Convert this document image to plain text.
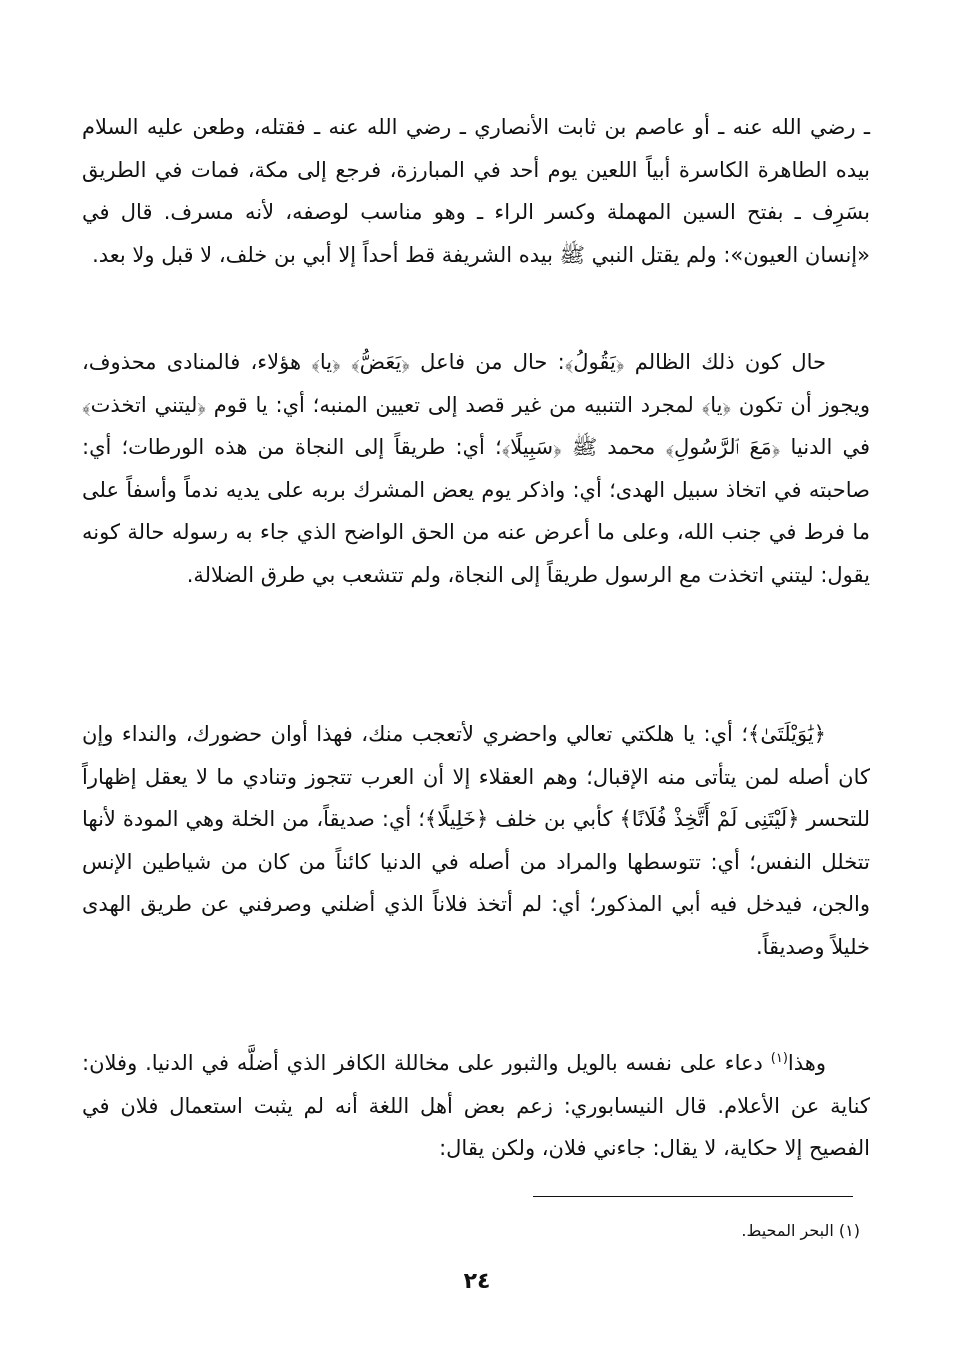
ـ رضي الله عنه ـ أو عاصم بن ثابت الأنصاري ـ رضي الله عنه ـ فقتله، وطعن عليه السلام بيده الطاهرة الكاسرة أبياً اللعين يوم أحد في المبارزة، فرجع إلى مكة، فمات في الطريق بسَرِف ـ بفتح السين المهملة وكسر الراء ـ وهو مناسب لوصفه، لأنه مسرف. قال في «إنسان العيون»: ولم يقتل النبي ﷺ بيده الشريفة قط أحداً إلا أبي بن خلف، لا قبل ولا بعد.

حال كون ذلك الظالم ﴿يَقُولُ﴾: حال من فاعل ﴿يَعَضُّ﴾ ﴿يا﴾ هؤلاء، فالمنادى محذوف، ويجوز أن تكون ﴿يا﴾ لمجرد التنبيه من غير قصد إلى تعيين المنبه؛ أي: يا قوم ﴿ليتني اتخذت﴾ في الدنيا ﴿مَعَ ٱلرَّسُولِ﴾ محمد ﷺ ﴿سَبِيلًا﴾؛ أي: طريقاً إلى النجاة من هذه الورطات؛ أي: صاحبته في اتخاذ سبيل الهدى؛ أي: واذكر يوم يعض المشرك بربه على يديه ندماً وأسفاً على ما فرط في جنب الله، وعلى ما أعرض عنه من الحق الواضح الذي جاء به رسوله حالة كونه يقول: ليتني اتخذت مع الرسول طريقاً إلى النجاة، ولم تتشعب بي طرق الضلالة.

﴿يَٰوَيْلَتَىٰ﴾؛ أي: يا هلكتي تعالي واحضري لأتعجب منك، فهذا أوان حضورك، والنداء وإن كان أصله لمن يتأتى منه الإقبال؛ وهم العقلاء إلا أن العرب تتجوز وتنادي ما لا يعقل إظهاراً للتحسر ﴿لَيْتَنِى لَمْ أَتَّخِذْ فُلَانًا﴾ كأبي بن خلف ﴿خَلِيلًا﴾؛ أي: صديقاً، من الخلة وهي المودة لأنها تتخلل النفس؛ أي: تتوسطها والمراد من أصله في الدنيا كائناً من كان من شياطين الإنس والجن، فيدخل فيه أبي المذكور؛ أي: لم أتخذ فلاناً الذي أضلني وصرفني عن طريق الهدى خليلاً وصديقاً.

وهذا$^{(١)}$ دعاء على نفسه بالويل والثبور على مخاللة الكافر الذي أضلَّه في الدنيا. وفلان: كناية عن الأعلام. قال النيسابوري: زعم بعض أهل اللغة أنه لم يثبت استعمال فلان في الفصيح إلا حكاية، لا يقال: جاءني فلان، ولكن يقال:

(١) البحر المحيط.
٢٤
